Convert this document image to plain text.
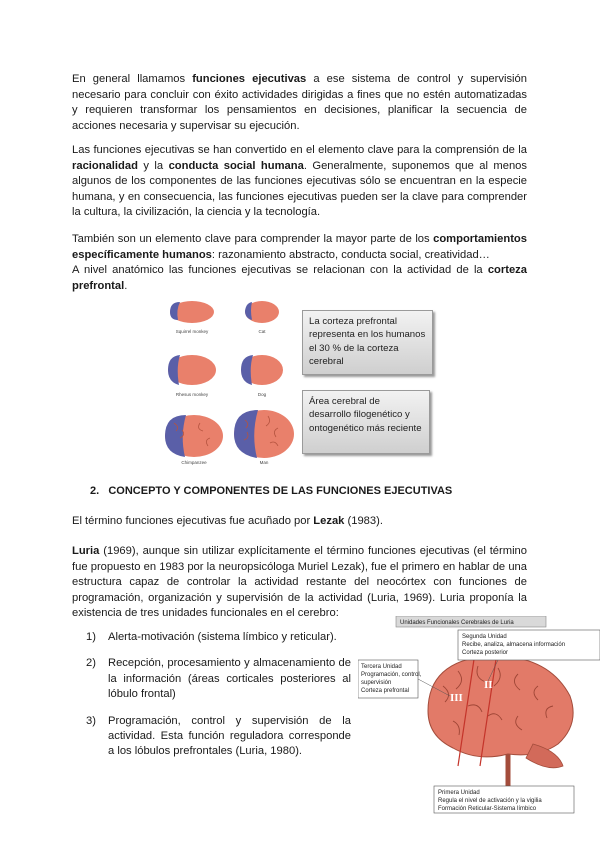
En general llamamos funciones ejecutivas a ese sistema de control y supervisión necesario para concluir con éxito actividades dirigidas a fines que no estén automatizadas y requieren transformar los pensamientos en decisiones, planificar la secuencia de acciones necesaria y supervisar su ejecución.

Las funciones ejecutivas se han convertido en el elemento clave para la comprensión de la racionalidad y la conducta social humana. Generalmente, suponemos que al menos algunos de los componentes de las funciones ejecutivas sólo se encuentran en la especie humana, y en consecuencia, las funciones ejecutivas pueden ser la clave para comprender la cultura, la civilización, la ciencia y la tecnología.

También son un elemento clave para comprender la mayor parte de los comportamientos específicamente humanos: razonamiento abstracto, conducta social, creatividad…
A nivel anatómico las funciones ejecutivas se relacionan con la actividad de la corteza prefrontal.

Squirrel monkey	Cat
Rhesus monkey	Dog
Chimpanzee	Man
La corteza prefrontal representa en los humanos el 30 % de la corteza cerebral
Área cerebral de desarrollo filogenético y ontogenético más reciente
2. CONCEPTO Y COMPONENTES DE LAS FUNCIONES EJECUTIVAS

El término funciones ejecutivas fue acuñado por Lezak (1983).

Luria (1969), aunque sin utilizar explícitamente el término funciones ejecutivas (el término fue propuesto en 1983 por la neuropsicóloga Muriel Lezak), fue el primero en hablar de una estructura capaz de controlar la actividad restante del neocórtex con funciones de programación, organización y supervisión de la actividad (Luria, 1969). Luria proponía la existencia de tres unidades funcionales en el cerebro:

1)	Alerta-motivación (sistema límbico y reticular).
2)	Recepción, procesamiento y almacenamiento de la información (áreas corticales posteriores al lóbulo frontal)
3)	Programación, control y supervisión de la actividad. Esta función reguladora corresponde a los lóbulos prefrontales (Luria, 1980).
Unidades Funcionales Cerebrales de Luria
III
II
I
Tercera Unidad
Programación, control,
supervisión
Corteza prefrontal
Segunda Unidad
Recibe, analiza, almacena información
Corteza posterior
Primera Unidad
Regula el nivel de activación y la vigilia
Formación Reticular-Sistema límbico
